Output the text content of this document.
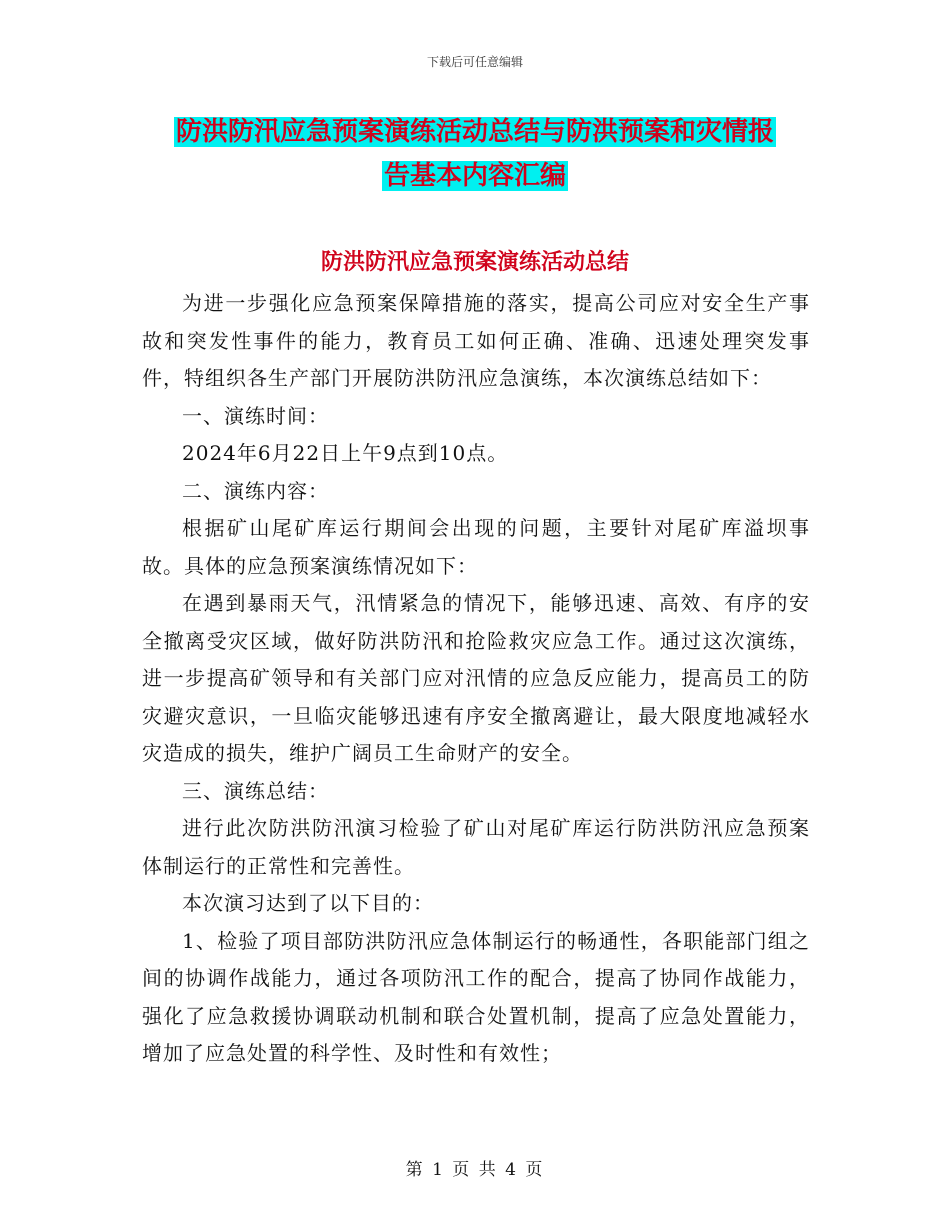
下载后可任意编辑
防洪防汛应急预案演练活动总结与防洪预案和灾情报
告基本内容汇编
防洪防汛应急预案演练活动总结

为进一步强化应急预案保障措施的落实，提高公司应对安全生产事故和突发性事件的能力，教育员工如何正确、准确、迅速处理突发事件，特组织各生产部门开展防洪防汛应急演练，本次演练总结如下：

一、演练时间：

2024年6月22日上午9点到10点。

二、演练内容：

根据矿山尾矿库运行期间会出现的问题，主要针对尾矿库溢坝事故。具体的应急预案演练情况如下：

在遇到暴雨天气，汛情紧急的情况下，能够迅速、高效、有序的安全撤离受灾区域，做好防洪防汛和抢险救灾应急工作。通过这次演练，进一步提高矿领导和有关部门应对汛情的应急反应能力，提高员工的防灾避灾意识，一旦临灾能够迅速有序安全撤离避让，最大限度地减轻水灾造成的损失，维护广阔员工生命财产的安全。

三、演练总结：

进行此次防洪防汛演习检验了矿山对尾矿库运行防洪防汛应急预案体制运行的正常性和完善性。

本次演习达到了以下目的：

1、检验了项目部防洪防汛应急体制运行的畅通性，各职能部门组之间的协调作战能力，通过各项防汛工作的配合，提高了协同作战能力，强化了应急救援协调联动机制和联合处置机制，提高了应急处置能力，增加了应急处置的科学性、及时性和有效性；

第 1 页 共 4 页
